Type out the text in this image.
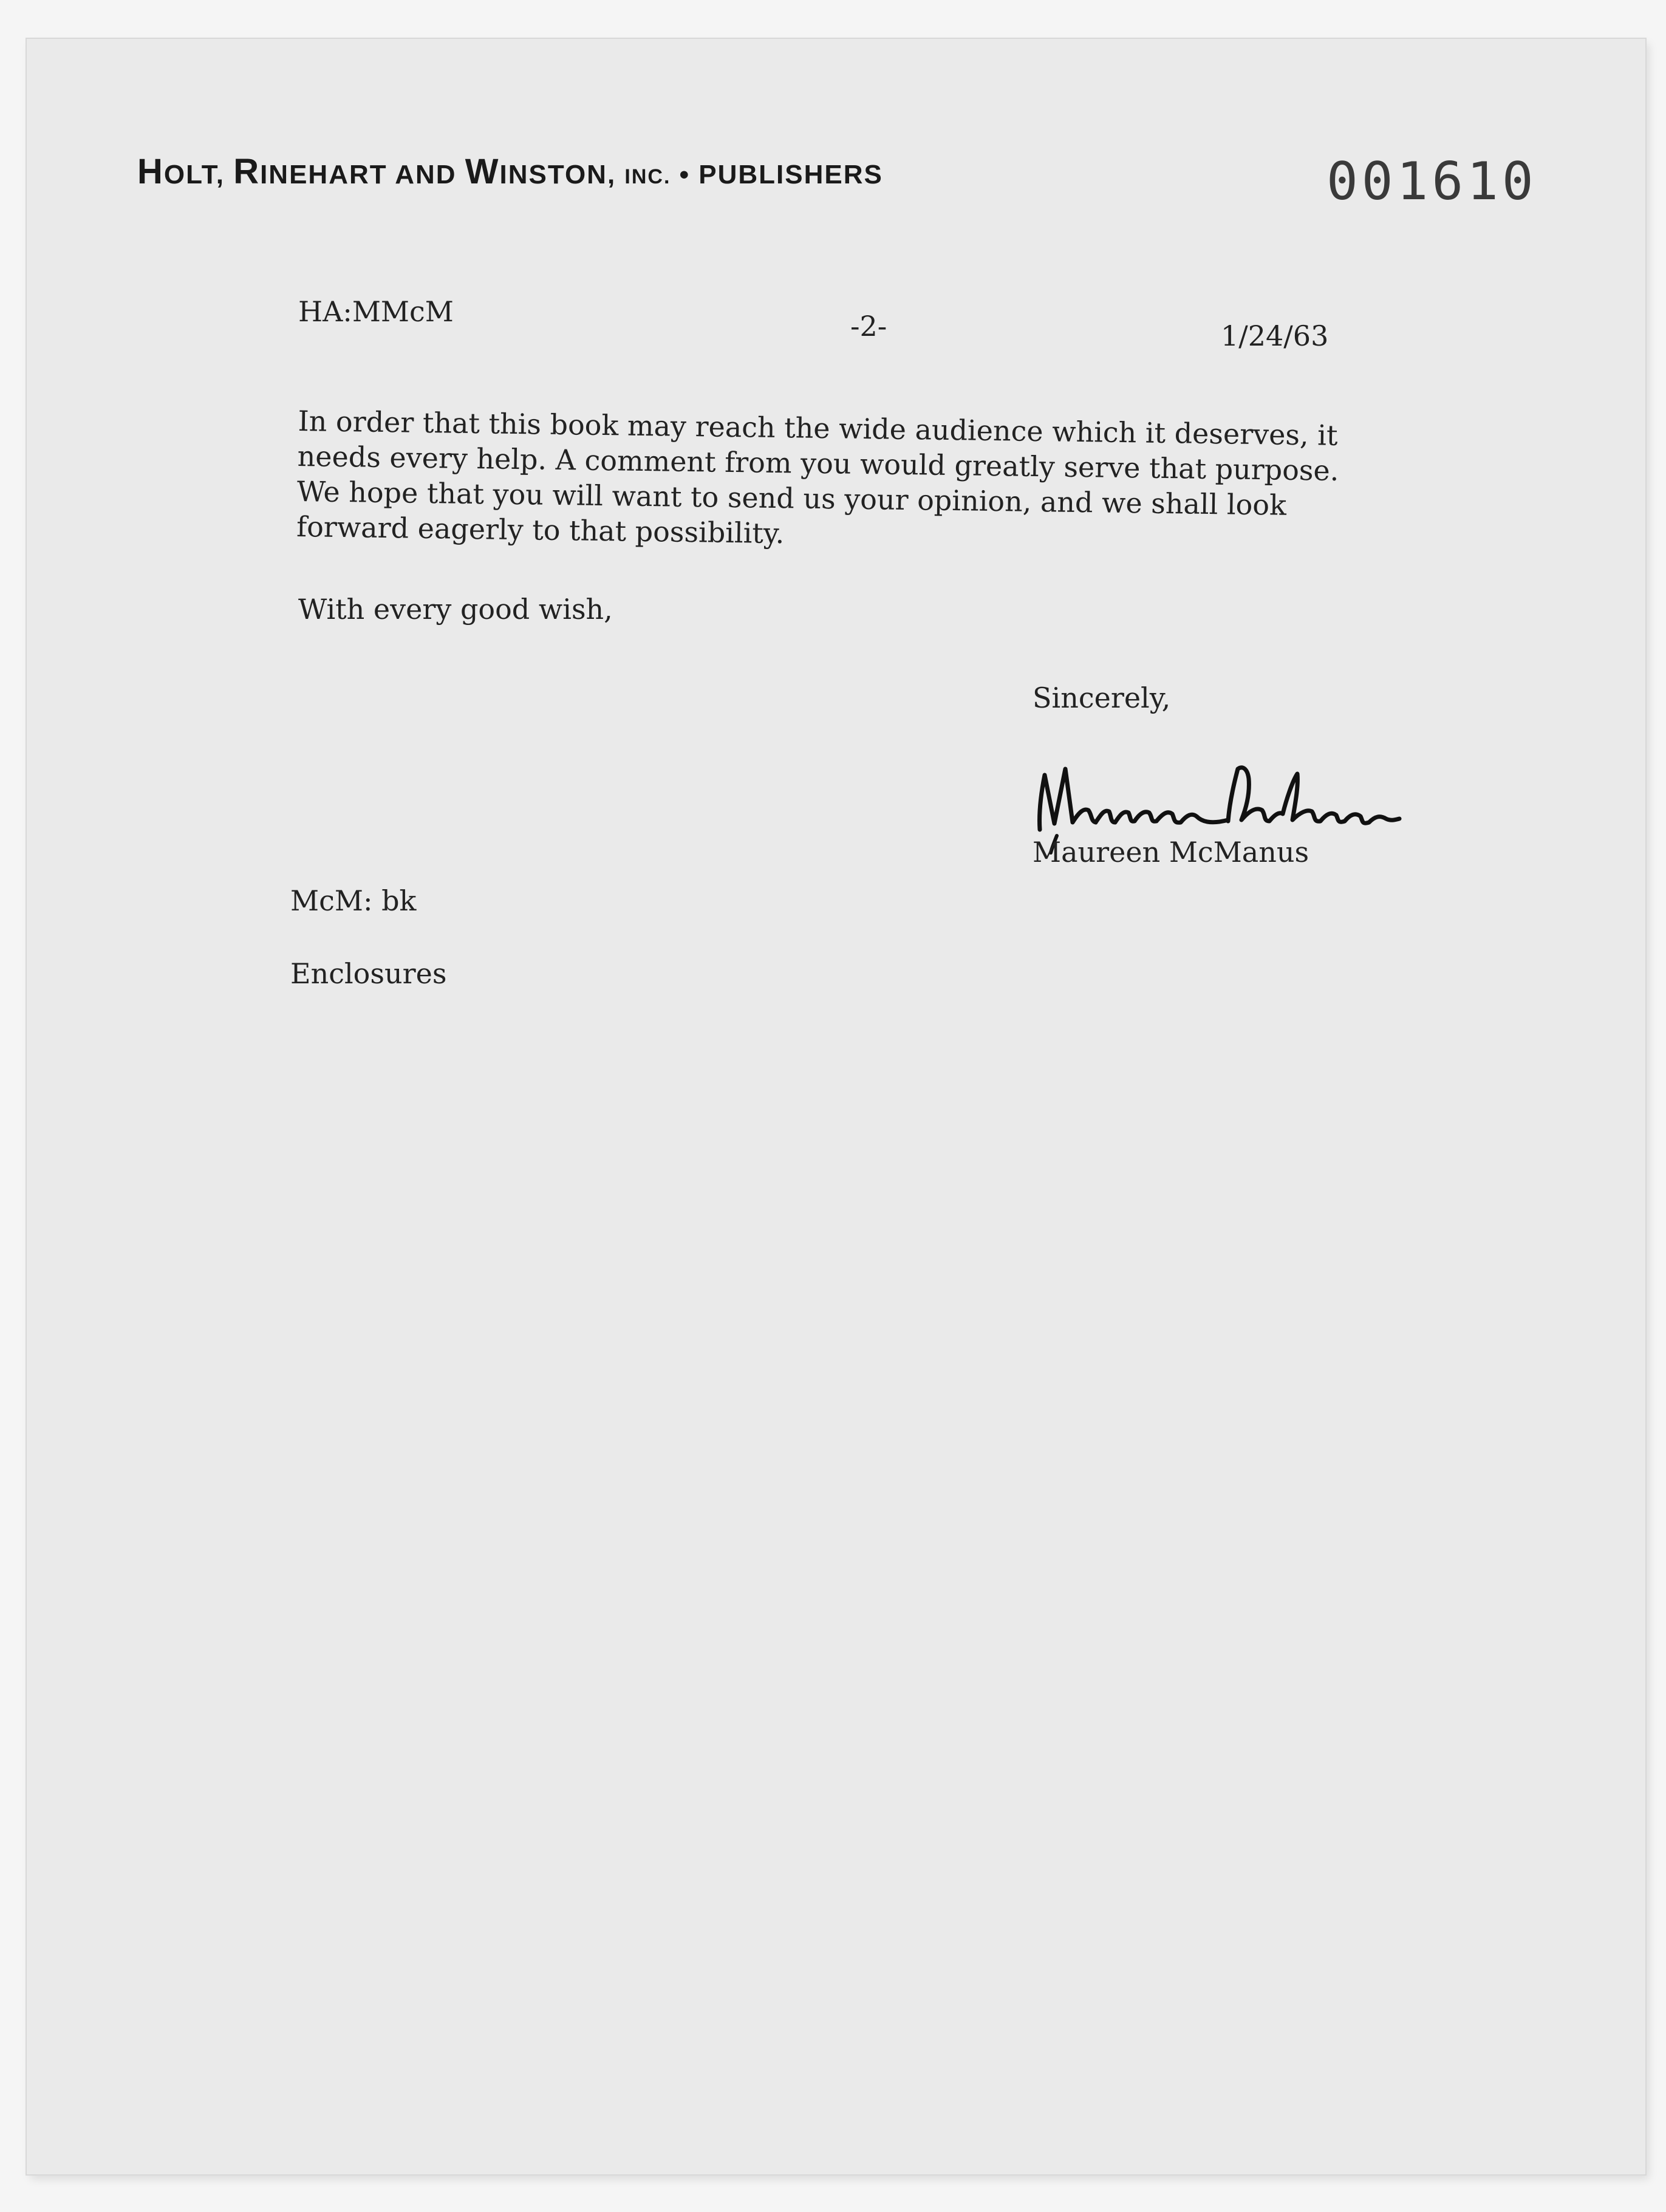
HOLT, RINEHART AND WINSTON, INC. • PUBLISHERS	001610
HA:MMcM	-2-	1/24/63
In order that this book may reach the wide audience which it deserves, it
needs every help. A comment from you would greatly serve that purpose.
We hope that you will want to send us your opinion, and we shall look
forward eagerly to that possibility.
With every good wish,
Sincerely,
Maureen McManus
McM: bk
Enclosures
